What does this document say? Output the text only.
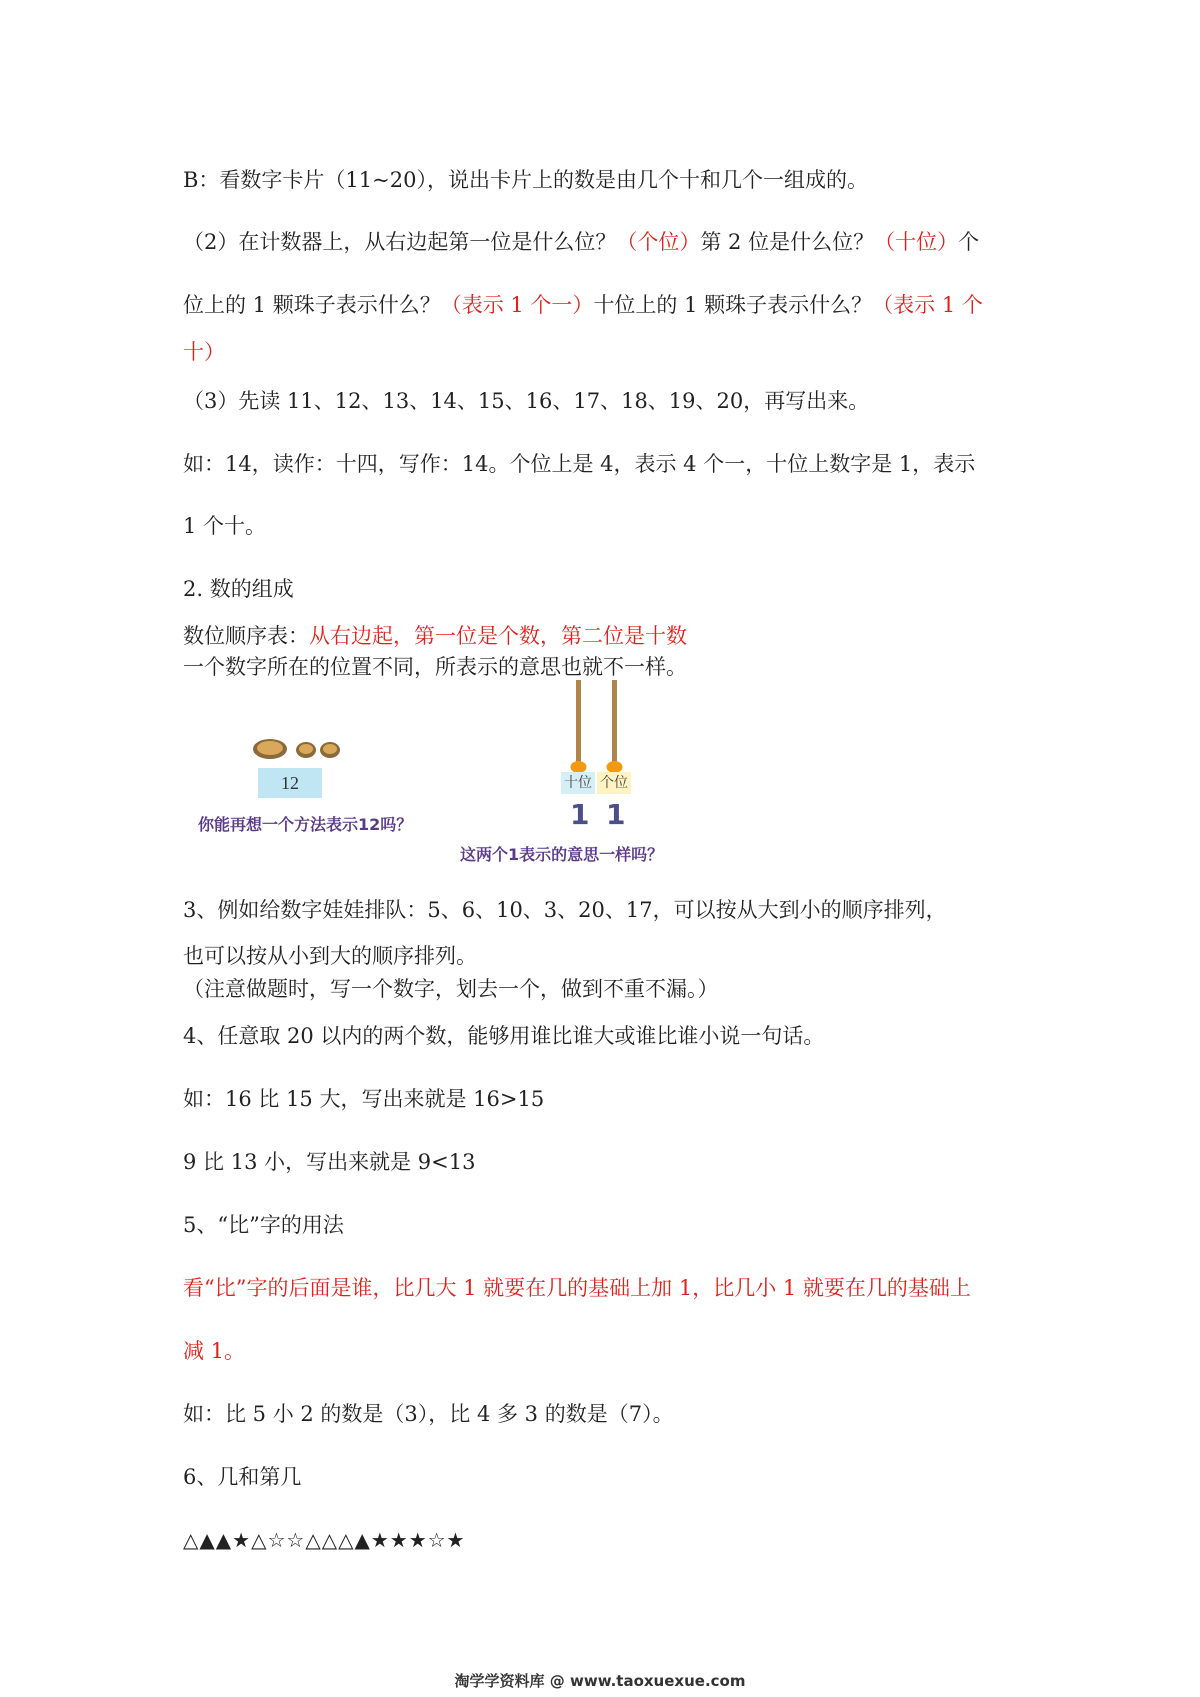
B：看数字卡片（11~20），说出卡片上的数是由几个十和几个一组成的。
（2）在计数器上，从右边起第一位是什么位？（个位）第 2 位是什么位？（十位）个
位上的 1 颗珠子表示什么？（表示 1 个一）十位上的 1 颗珠子表示什么？（表示 1 个
十）
（3）先读 11、12、13、14、15、16、17、18、19、20，再写出来。
如：14，读作：十四，写作：14。个位上是 4，表示 4 个一，十位上数字是 1，表示
1 个十。
2. 数的组成
数位顺序表：从右边起，第一位是个数，第二位是十数
一个数字所在的位置不同，所表示的意思也就不一样。
12
你能再想一个方法表示12吗？
十位 个位
1 1
这两个1表示的意思一样吗？
3、例如给数字娃娃排队：5、6、10、3、20、17，可以按从大到小的顺序排列，
也可以按从小到大的顺序排列。
（注意做题时，写一个数字，划去一个，做到不重不漏。）
4、任意取 20 以内的两个数，能够用谁比谁大或谁比谁小说一句话。
如：16 比 15 大，写出来就是 16>15
9 比 13 小，写出来就是 9<13
5、“比”字的用法
看“比”字的后面是谁，比几大 1 就要在几的基础上加 1，比几小 1 就要在几的基础上
减 1。
如：比 5 小 2 的数是（3），比 4 多 3 的数是（7）。
6、几和第几
△▲▲★△☆☆△△△▲★★★☆★
淘学学资料库 @ www.taoxuexue.com
